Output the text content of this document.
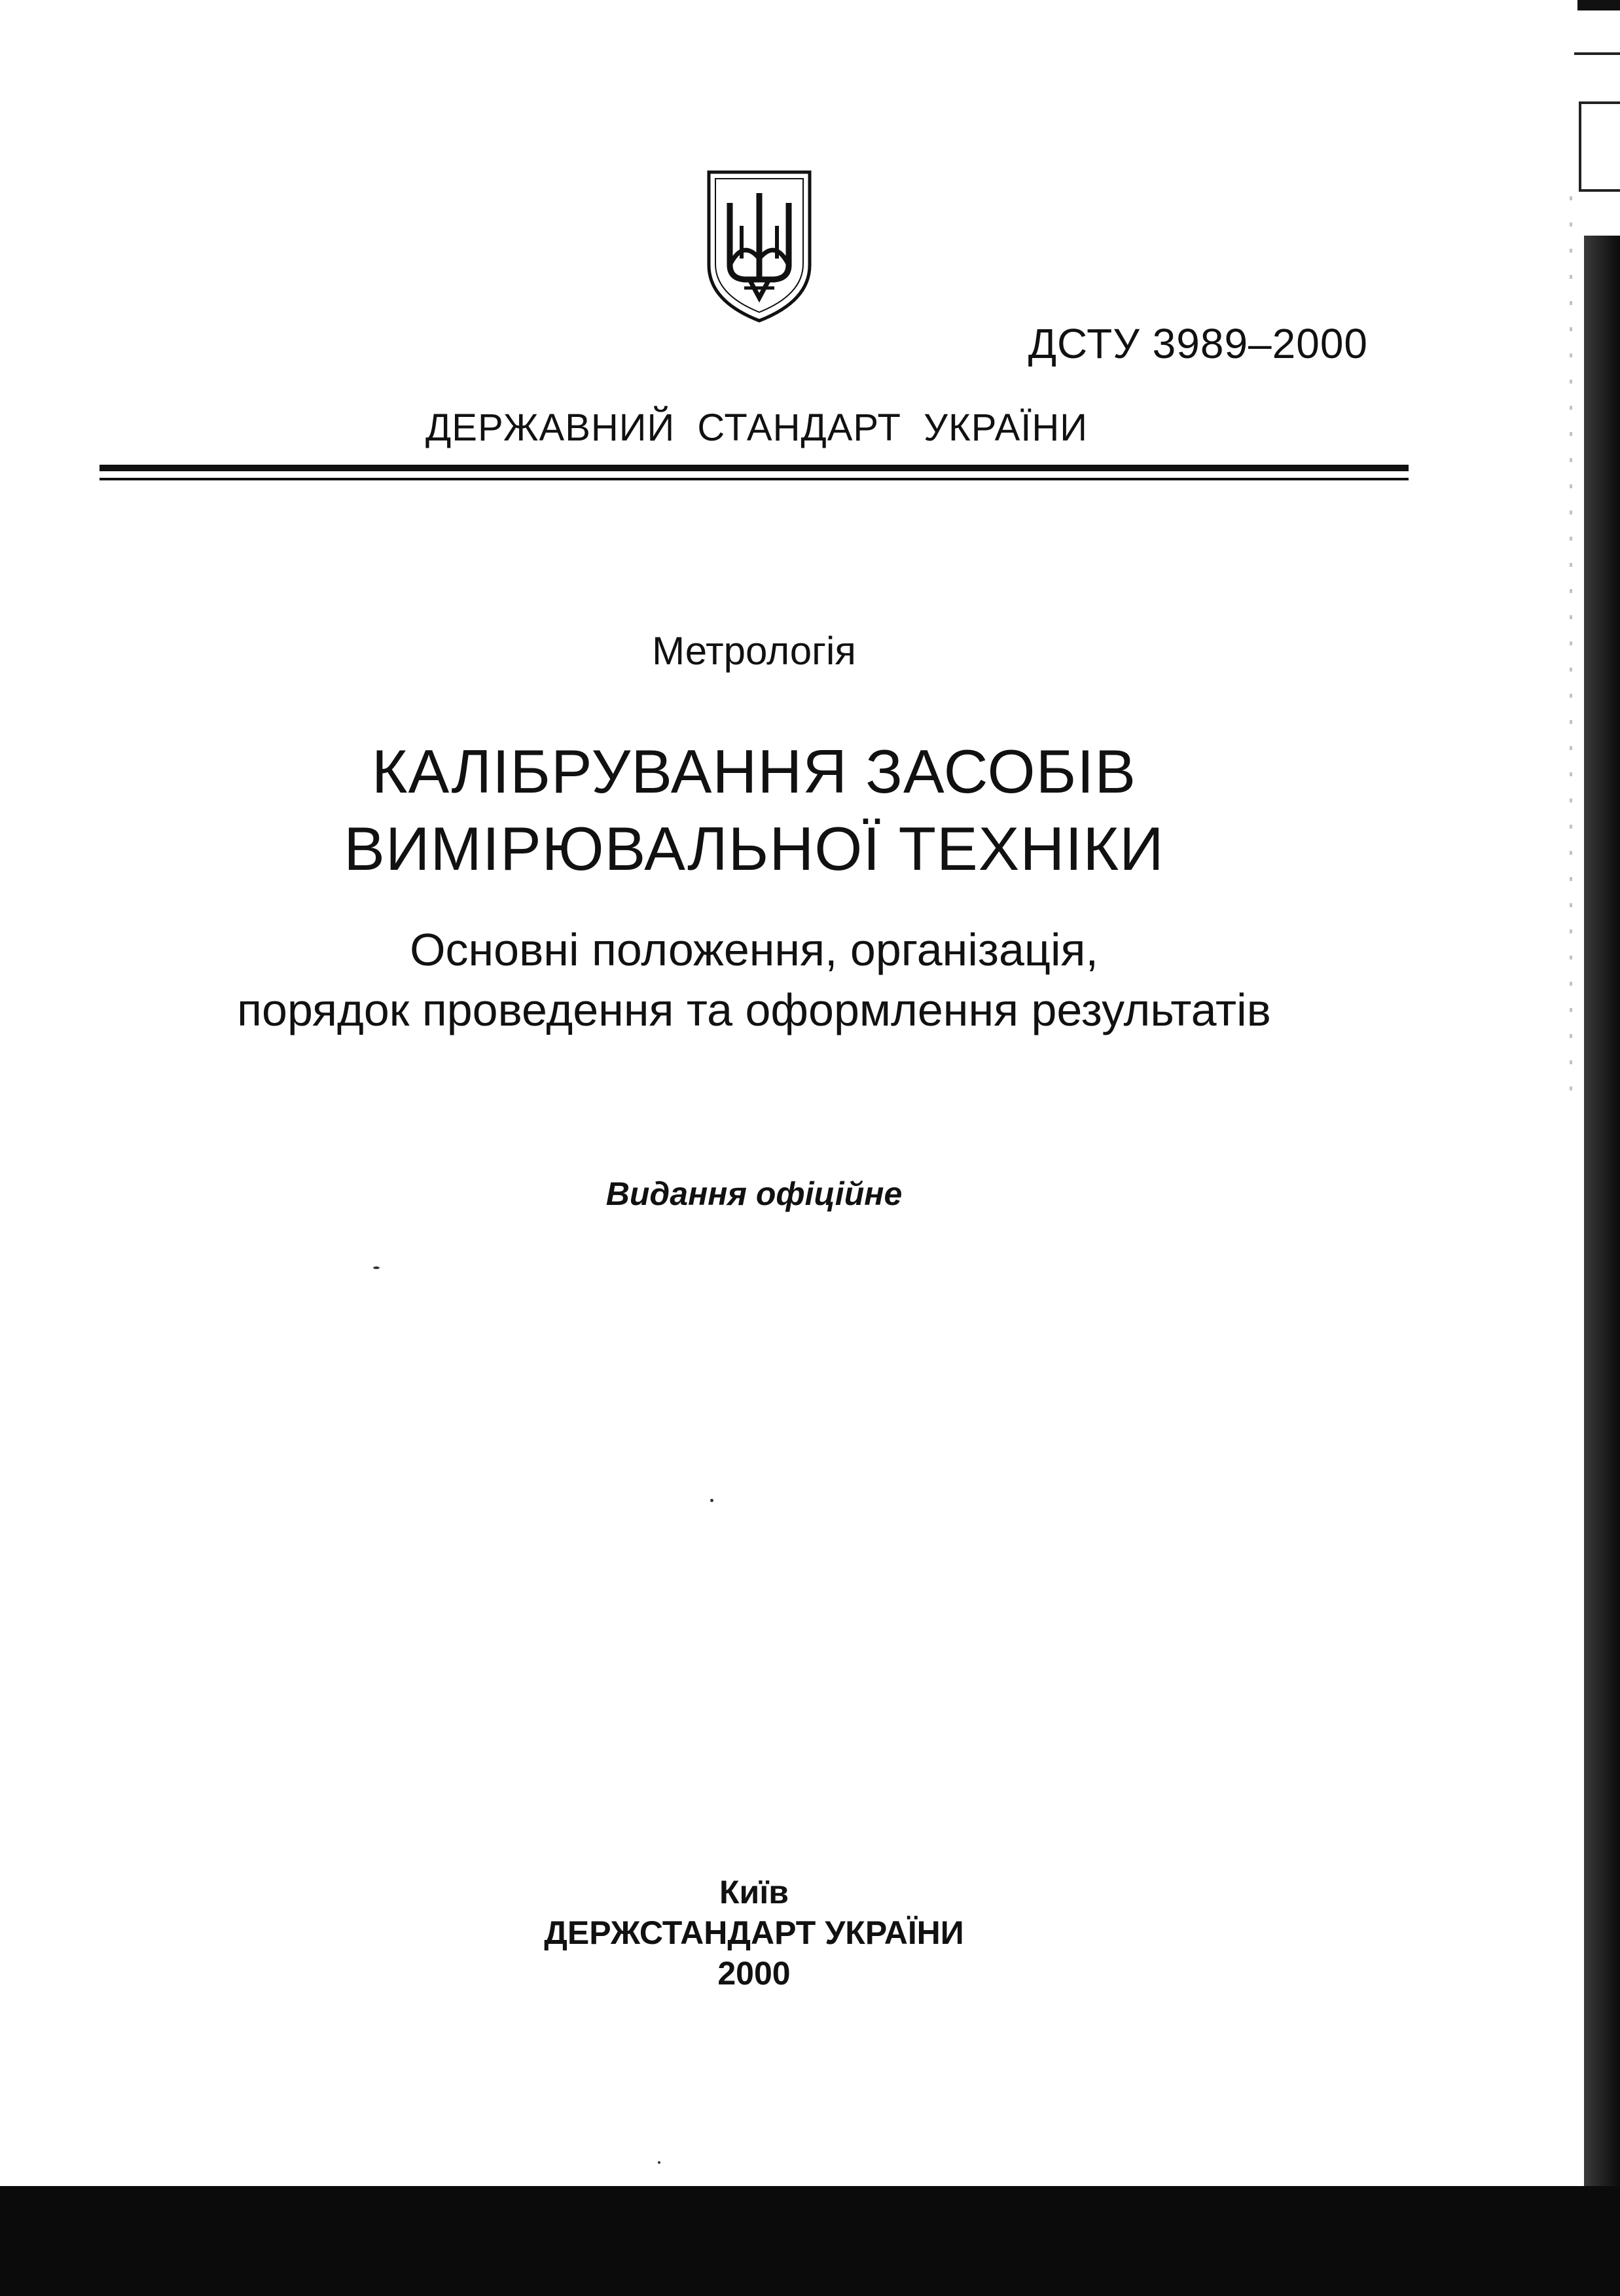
ДСТУ 3989–2000
ДЕРЖАВНИЙ  СТАНДАРТ  УКРАЇНИ
Метрологія
КАЛІБРУВАННЯ ЗАСОБІВ
ВИМІРЮВАЛЬНОЇ ТЕХНІКИ
Основні положення, організація,
порядок проведення та оформлення результатів
Видання офіційне
Київ
ДЕРЖСТАНДАРТ УКРАЇНИ
2000
